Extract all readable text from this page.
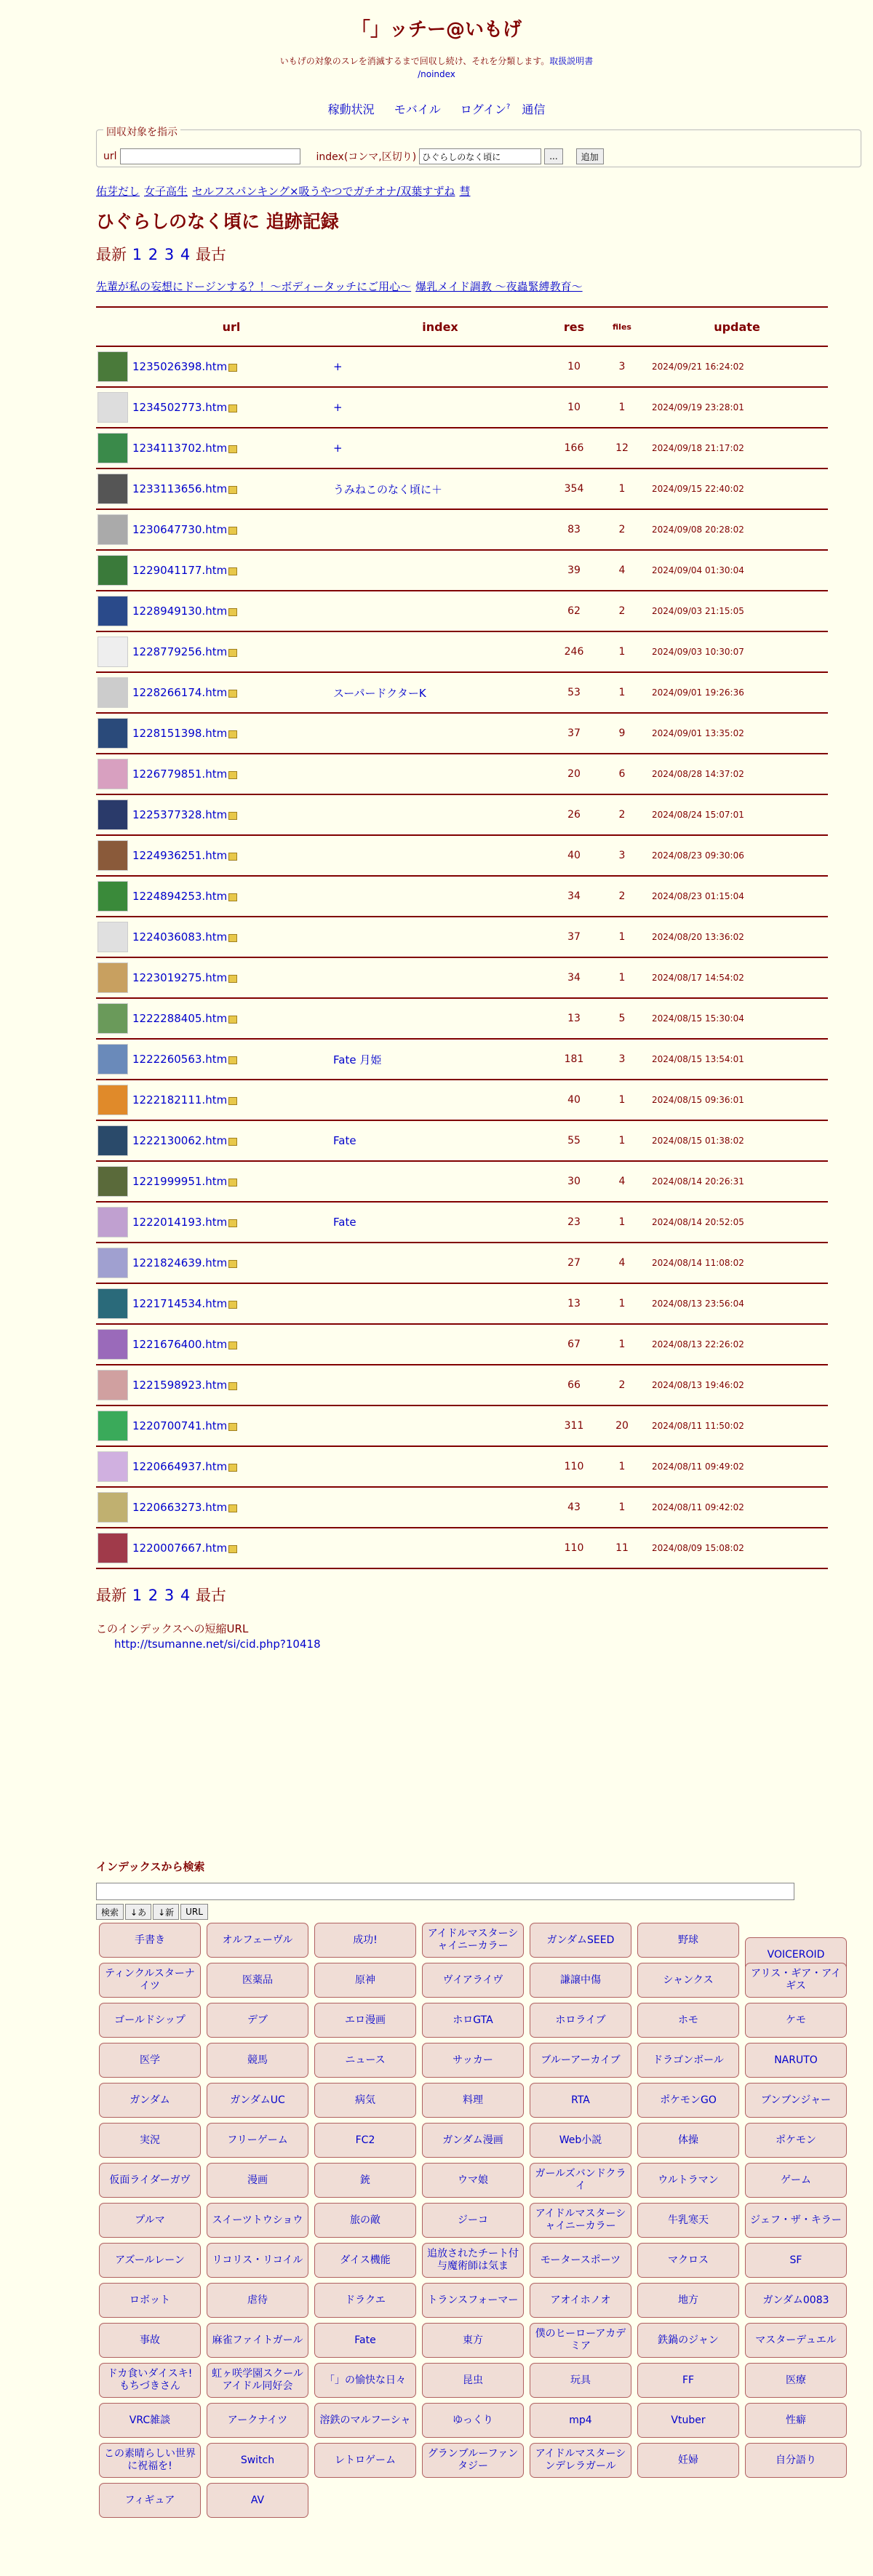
「」ッチー@いもげ
いもげの対象のスレを消滅するまで回収し続け、それを分類します。取扱説明書
/noindex
稼動状況 モバイル ログイン? 通信
回収対象を指示
url	index(コンマ,区切り)
ひぐらしのなく頃に	...	追加
佑芽だし 女子高生 セルフスパンキング×吸うやつでガチオナ/双葉すずね 彗
ひぐらしのなく頃に 追跡記録
最新 1 2 3 4 最古
先輩が私の妄想にドージンする？！〜ボディータッチにご用心〜 爆乳メイド調教 〜夜蟲緊縛教育〜
	url	index	res	files	update

	1235026398.htm	+	10	3	2024/09/21 16:24:02

	1234502773.htm	+	10	1	2024/09/19 23:28:01

	1234113702.htm	+	166	12	2024/09/18 21:17:02

	1233113656.htm	うみねこのなく頃に＋	354	1	2024/09/15 22:40:02

	1230647730.htm		83	2	2024/09/08 20:28:02

	1229041177.htm		39	4	2024/09/04 01:30:04

	1228949130.htm		62	2	2024/09/03 21:15:05

	1228779256.htm		246	1	2024/09/03 10:30:07

	1228266174.htm	スーパードクターK	53	1	2024/09/01 19:26:36

	1228151398.htm		37	9	2024/09/01 13:35:02

	1226779851.htm		20	6	2024/08/28 14:37:02

	1225377328.htm		26	2	2024/08/24 15:07:01

	1224936251.htm		40	3	2024/08/23 09:30:06

	1224894253.htm		34	2	2024/08/23 01:15:04

	1224036083.htm		37	1	2024/08/20 13:36:02

	1223019275.htm		34	1	2024/08/17 14:54:02

	1222288405.htm		13	5	2024/08/15 15:30:04

	1222260563.htm	Fate 月姫	181	3	2024/08/15 13:54:01

	1222182111.htm		40	1	2024/08/15 09:36:01

	1222130062.htm	Fate	55	1	2024/08/15 01:38:02

	1221999951.htm		30	4	2024/08/14 20:26:31

	1222014193.htm	Fate	23	1	2024/08/14 20:52:05

	1221824639.htm		27	4	2024/08/14 11:08:02

	1221714534.htm		13	1	2024/08/13 23:56:04

	1221676400.htm		67	1	2024/08/13 22:26:02

	1221598923.htm		66	2	2024/08/13 19:46:02

	1220700741.htm		311	20	2024/08/11 11:50:02

	1220664937.htm		110	1	2024/08/11 09:49:02

	1220663273.htm		43	1	2024/08/11 09:42:02

	1220007667.htm		110	11	2024/08/09 15:08:02
最新 1 2 3 4 最古
このインデックスへの短縮URL
http://tsumanne.net/si/cid.php?10418
インデックスから検索
検索	↓あ	↓新	URL
手書き	オルフェーヴル	成功!
アイドルマスターシャイニーカラー
ガンダムSEED	野球
VOICEROID
ティンクルスターナイツ
医薬品	原神	ヴイアライヴ	謙譲中傷	シャンクス
アリス・ギア・アイギス
ゴールドシップ	デブ	エロ漫画	ホロGTA	ホロライブ	ホモ	ケモ
医学	競馬	ニュース	サッカー	ブルーアーカイブ	ドラゴンボール	NARUTO
ガンダム	ガンダムUC	病気	料理	RTA	ポケモンGO	ブンブンジャー
実況	フリーゲーム	FC2	ガンダム漫画	Web小説	体操	ポケモン
仮面ライダーガヴ	漫画	銃	ウマ娘
ガールズバンドクライ
ウルトラマン	ゲーム
プルマ	スイーツトウショウ	旅の敵	ジーコ
アイドルマスターシャイニーカラー
牛乳寒天	ジェフ・ザ・キラー
アズールレーン	リコリス・リコイル	ダイス機能
追放されたチート付与魔術師は気ま
モータースポーツ	マクロス	SF
ロボット	虐待	ドラクエ	トランスフォーマー	アオイホノオ	地方	ガンダム0083
事故	麻雀ファイトガール	Fate	東方
僕のヒーローアカデミア
鉄鍋のジャン	マスターデュエル
ドカ食いダイスキ! もちづきさん
虹ヶ咲学園スクールアイドル同好会
「」の愉快な日々	昆虫	玩具	FF	医療
VRC雑談	アークナイツ	溶鉄のマルフーシャ	ゆっくり	mp4	Vtuber	性癖
この素晴らしい世界に祝福を!
Switch	レトロゲーム
グランブルーファンタジー
アイドルマスターシンデレラガール
妊婦	自分語り
フィギュア	AV
